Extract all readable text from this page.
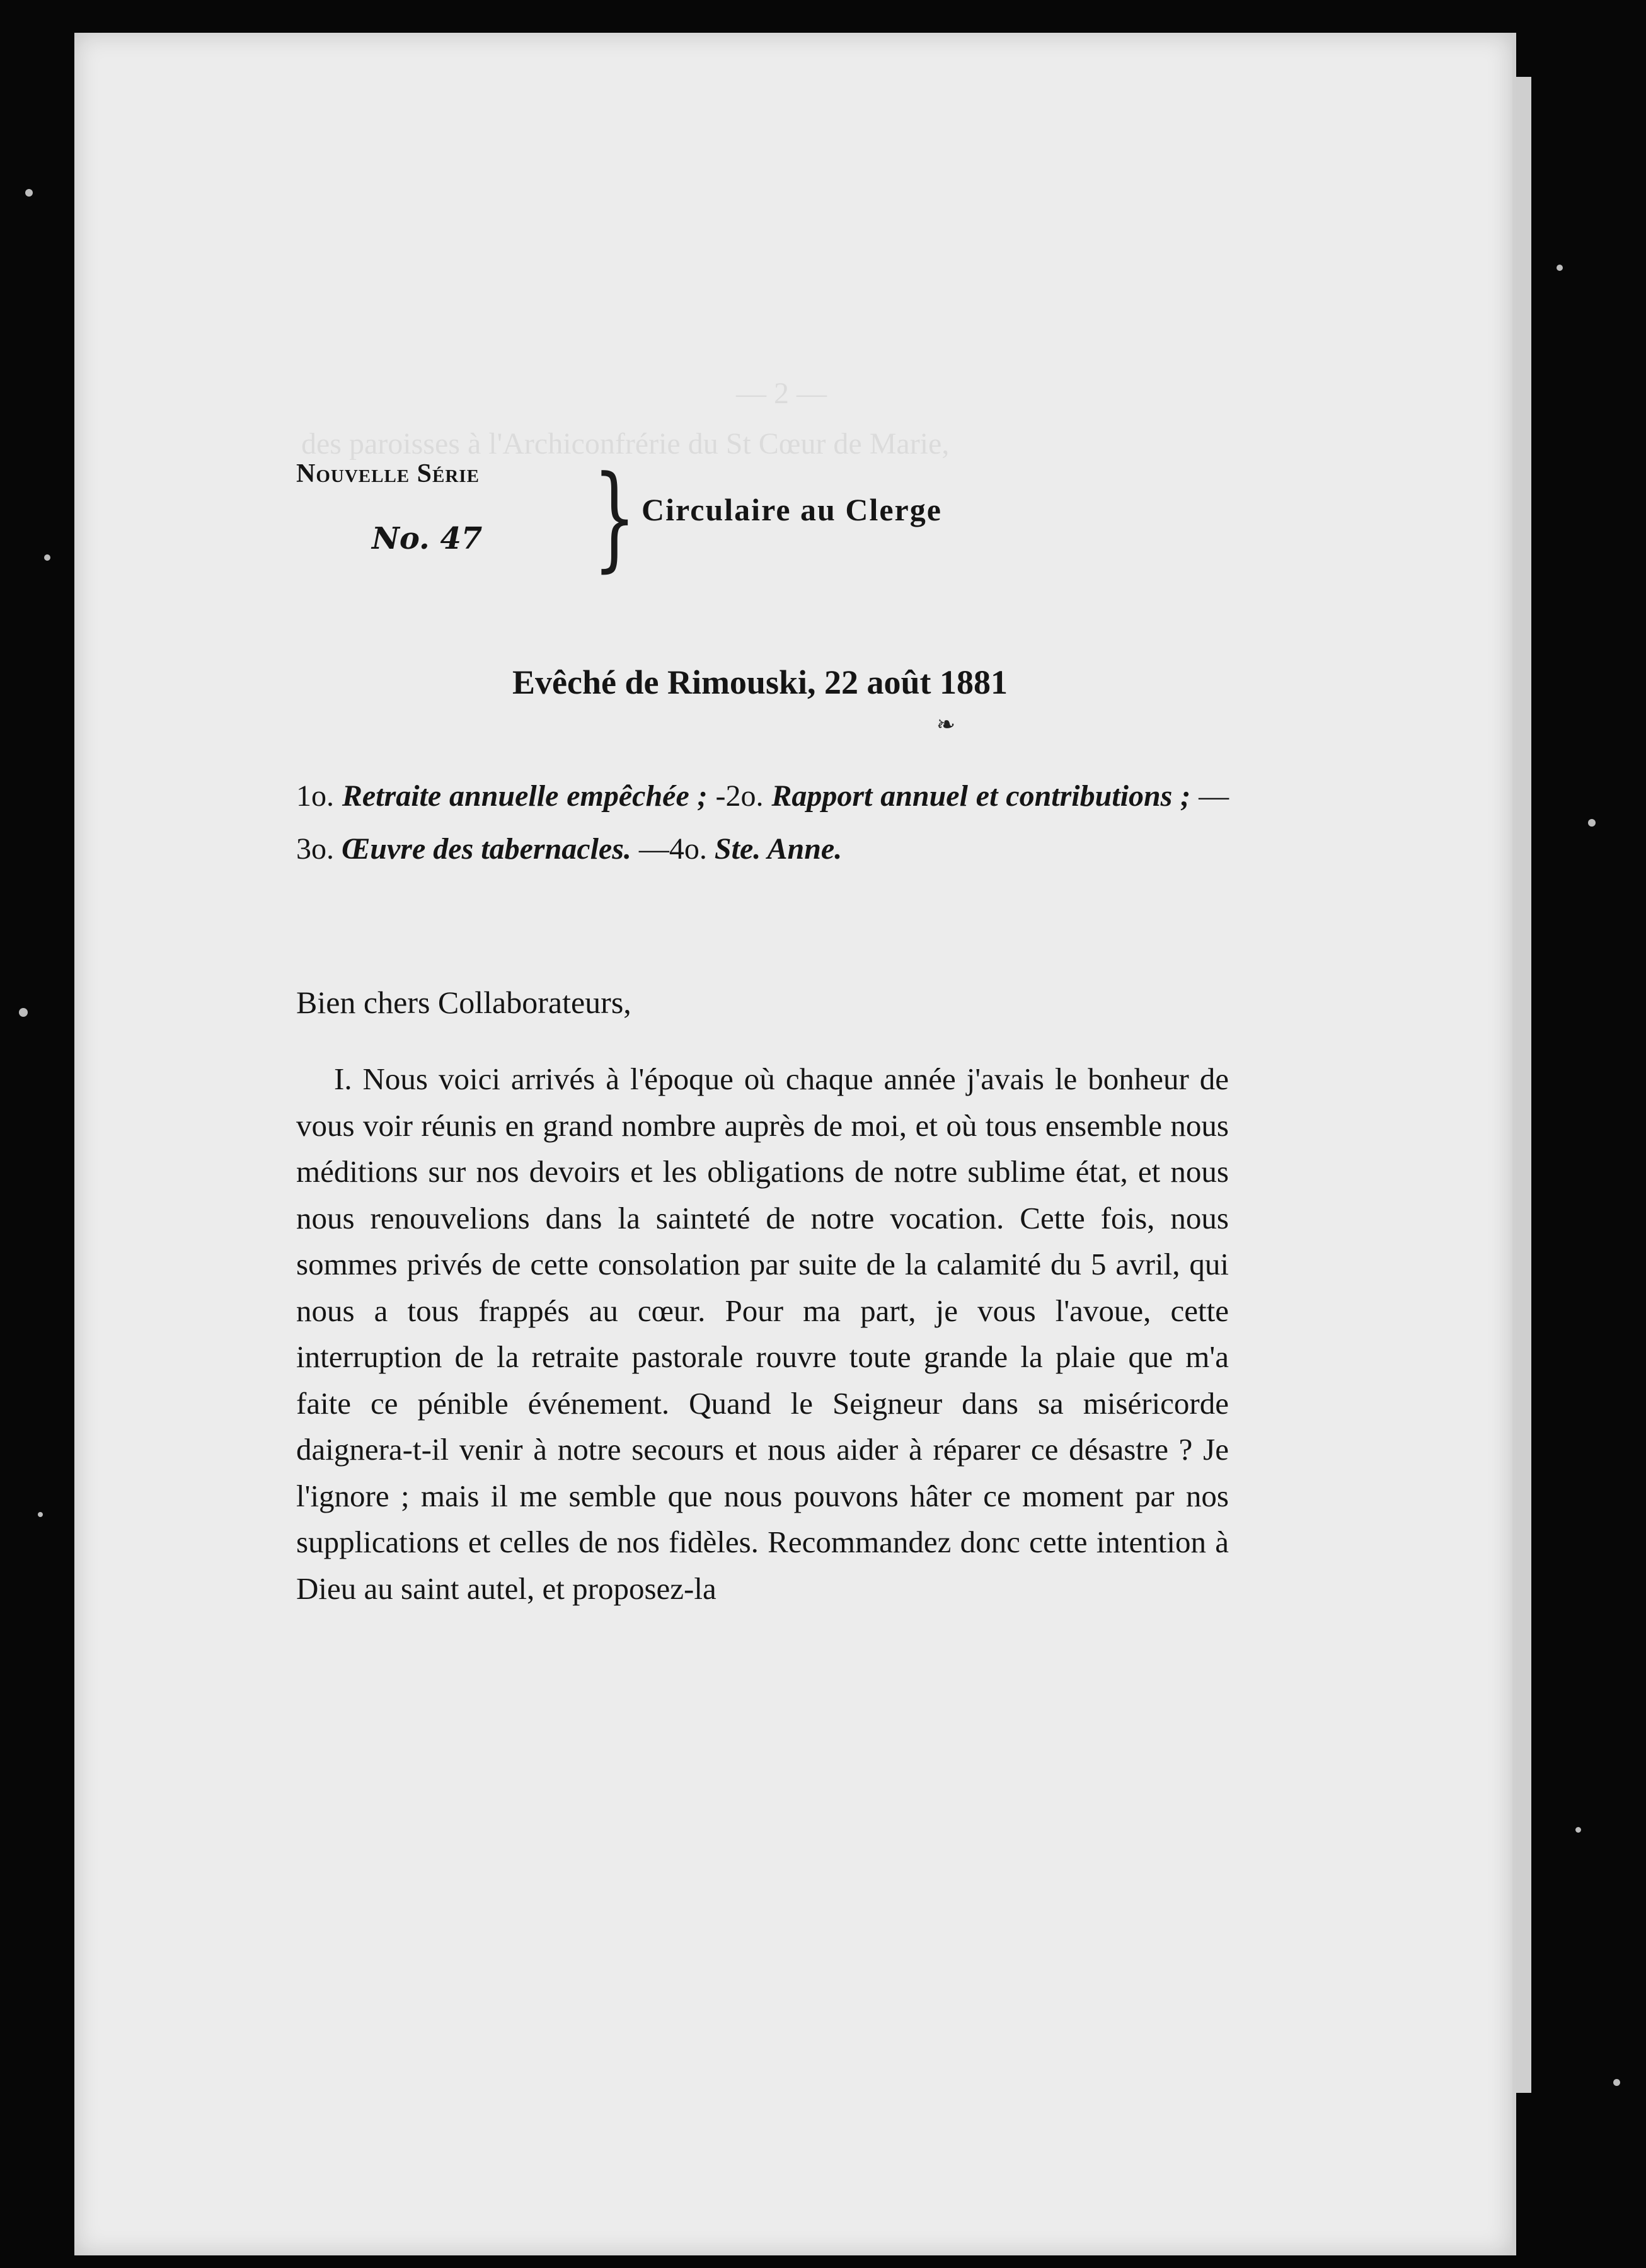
— 2 —
des paroisses à l'Archiconfrérie du St Cœur de Marie,

Nouvelle Série

No. 47 } Circulaire au Clerge
Evêché de Rimouski, 22 août 1881
❧
1o. Retraite annuelle empêchée ; -2o. Rapport annuel et contributions ; —3o. Œuvre des tabernacles. —4o. Ste. Anne.
Bien chers Collaborateurs,

I. Nous voici arrivés à l'époque où chaque année j'avais le bonheur de vous voir réunis en grand nombre auprès de moi, et où tous ensemble nous méditions sur nos devoirs et les obligations de notre sublime état, et nous nous renouvelions dans la sainteté de notre vocation. Cette fois, nous sommes privés de cette consolation par suite de la calamité du 5 avril, qui nous a tous frappés au cœur. Pour ma part, je vous l'avoue, cette interruption de la retraite pastorale rouvre toute grande la plaie que m'a faite ce pénible événement. Quand le Seigneur dans sa miséricorde daignera-t-il venir à notre secours et nous aider à réparer ce désastre ? Je l'ignore ; mais il me semble que nous pouvons hâter ce moment par nos supplications et celles de nos fidèles. Recommandez donc cette intention à Dieu au saint autel, et proposez-la
